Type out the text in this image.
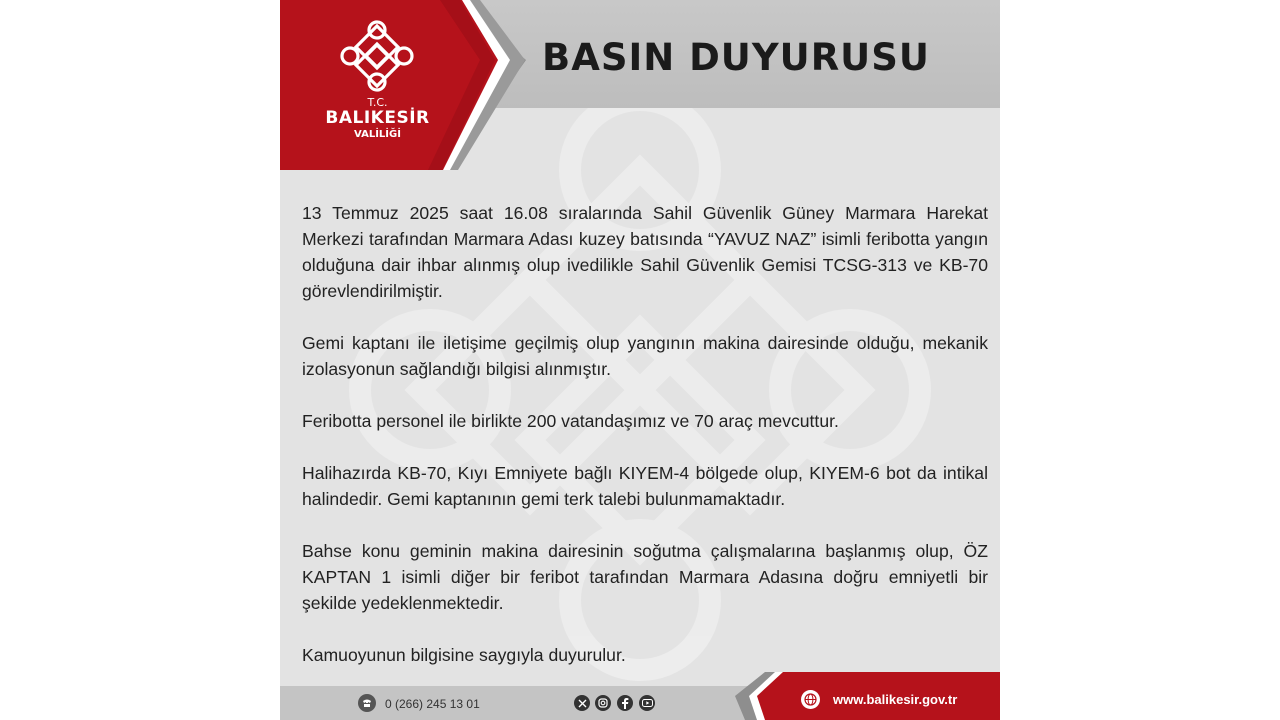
T.C.
BALIKESİR
VALİLİĞİ
BASIN DUYURUSU

13 Temmuz 2025 saat 16.08 sıralarında Sahil Güvenlik Güney Marmara Harekat Merkezi tarafından Marmara Adası kuzey batısında “YAVUZ NAZ” isimli feribotta yangın olduğuna dair ihbar alınmış olup ivedilikle Sahil Güvenlik Gemisi TCSG-313 ve KB-70 görevlendirilmiştir.

Gemi kaptanı ile iletişime geçilmiş olup yangının makina dairesinde olduğu, mekanik izolasyonun sağlandığı bilgisi alınmıştır.

Feribotta personel ile birlikte 200 vatandaşımız ve 70 araç mevcuttur.

Halihazırda KB-70, Kıyı Emniyete bağlı KIYEM-4 bölgede olup, KIYEM-6 bot da intikal halindedir. Gemi kaptanının gemi terk talebi bulunmamaktadır.

Bahse konu geminin makina dairesinin soğutma çalışmalarına başlanmış olup, ÖZ KAPTAN 1 isimli diğer bir feribot tarafından Marmara Adasına doğru emniyetli bir şekilde yedeklenmektedir.

Kamuoyunun bilgisine saygıyla duyurulur.

0 (266) 245 13 01	www.balikesir.gov.tr
